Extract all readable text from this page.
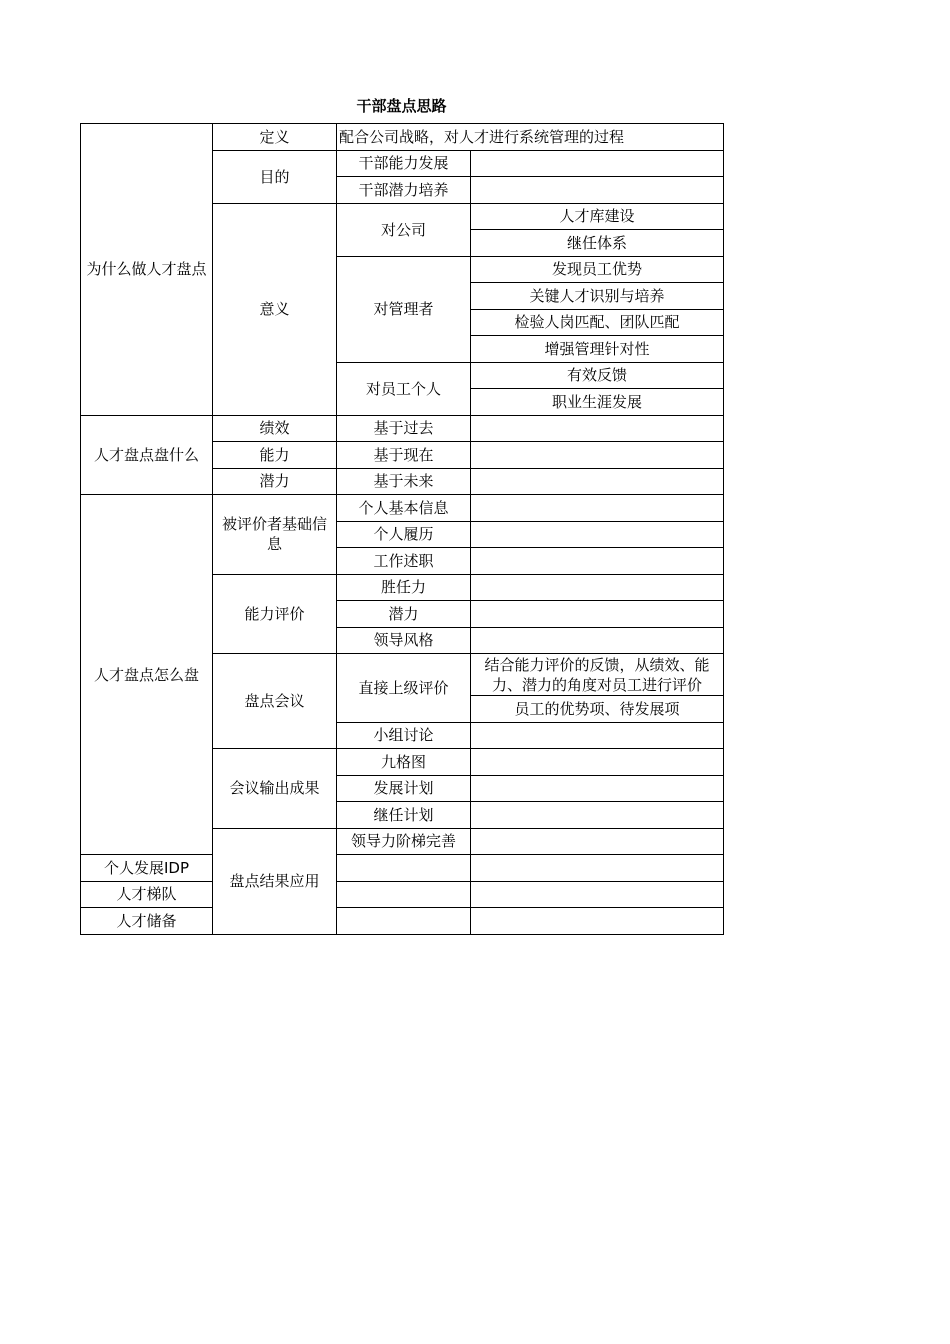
干部盘点思路
为什么做人才盘点	定义	配合公司战略，对人才进行系统管理的过程		
	目的	干部能力发展		
		干部潜力培养		
	意义	对公司	人才库建设	
			继任体系	
		对管理者	发现员工优势	
			关键人才识别与培养	
			检验人岗匹配、团队匹配	
			增强管理针对性	
		对员工个人	有效反馈	
			职业生涯发展	
人才盘点盘什么	绩效	基于过去		
	能力	基于现在		
	潜力	基于未来		
人才盘点怎么盘	被评价者基础信息	个人基本信息		
		个人履历		
		工作述职		
	能力评价	胜任力		
		潜力		
		领导风格		
	盘点会议	直接上级评价	结合能力评价的反馈，从绩效、能力、潜力的角度对员工进行评价	
			员工的优势项、待发展项	
		小组讨论		
	会议输出成果	九格图		
		发展计划		
		继任计划		
	盘点结果应用	领导力阶梯完善		
个人发展IDP				
人才梯队				
人才储备				
